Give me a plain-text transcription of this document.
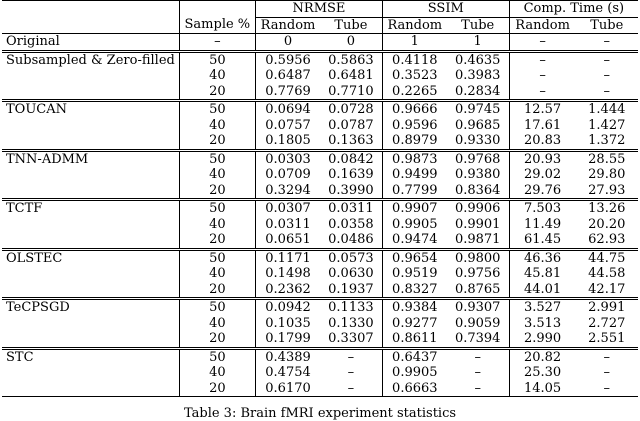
		NRMSE		SSIM		Comp. Time (s)	
	Sample %	Random	Tube	Random	Tube	Random	Tube
Original	–	0	0	1	1	–	–
Subsampled & Zero-filled	50	0.5956	0.5863	0.4118	0.4635	–	–
	40	0.6487	0.6481	0.3523	0.3983	–	–
	20	0.7769	0.7710	0.2265	0.2834	–	–
TOUCAN	50	0.0694	0.0728	0.9666	0.9745	12.57	1.444
	40	0.0757	0.0787	0.9596	0.9685	17.61	1.427
	20	0.1805	0.1363	0.8979	0.9330	20.83	1.372
TNN-ADMM	50	0.0303	0.0842	0.9873	0.9768	20.93	28.55
	40	0.0709	0.1639	0.9499	0.9380	29.02	29.80
	20	0.3294	0.3990	0.7799	0.8364	29.76	27.93
TCTF	50	0.0307	0.0311	0.9907	0.9906	7.503	13.26
	40	0.0311	0.0358	0.9905	0.9901	11.49	20.20
	20	0.0651	0.0486	0.9474	0.9871	61.45	62.93
OLSTEC	50	0.1171	0.0573	0.9654	0.9800	46.36	44.75
	40	0.1498	0.0630	0.9519	0.9756	45.81	44.58
	20	0.2362	0.1937	0.8327	0.8765	44.01	42.17
TeCPSGD	50	0.0942	0.1133	0.9384	0.9307	3.527	2.991
	40	0.1035	0.1330	0.9277	0.9059	3.513	2.727
	20	0.1799	0.3307	0.8611	0.7394	2.990	2.551
STC	50	0.4389	–	0.6437	–	20.82	–
	40	0.4754	–	0.9905	–	25.30	–
	20	0.6170	–	0.6663	–	14.05	–
Table 3: Brain fMRI experiment statistics
